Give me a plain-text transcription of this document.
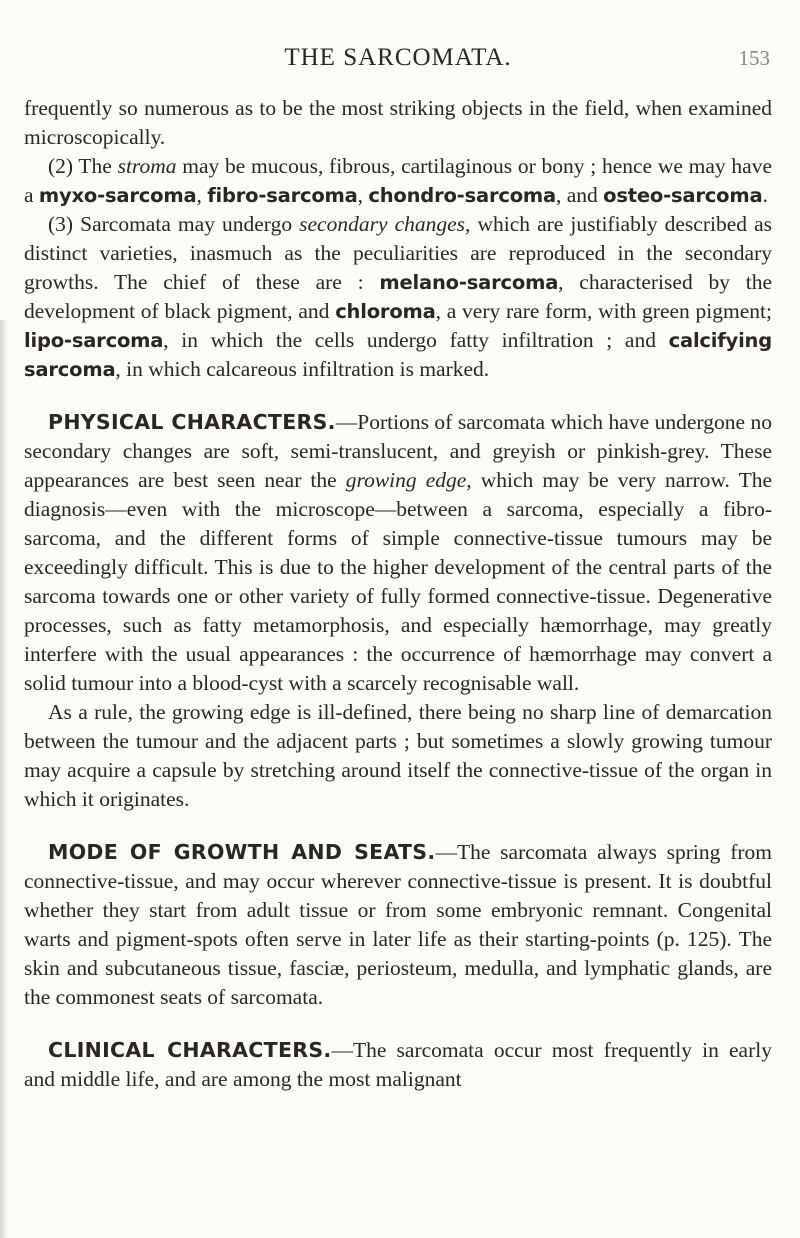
THE SARCOMATA.	153

frequently so numerous as to be the most striking objects in the field, when examined microscopically.

(2) The stroma may be mucous, fibrous, cartilaginous or bony ; hence we may have a myxo-sarcoma, fibro-sarcoma, chondro-sarcoma, and osteo-sarcoma.

(3) Sarcomata may undergo secondary changes, which are justifiably described as distinct varieties, inasmuch as the peculiarities are reproduced in the secondary growths. The chief of these are : melano-sarcoma, characterised by the development of black pigment, and chloroma, a very rare form, with green pigment; lipo-sarcoma, in which the cells undergo fatty infiltration ; and calcifying sarcoma, in which calcareous infiltration is marked.

PHYSICAL CHARACTERS.—Portions of sarcomata which have undergone no secondary changes are soft, semi-translucent, and greyish or pinkish-grey. These appearances are best seen near the growing edge, which may be very narrow. The diagnosis—even with the microscope—between a sarcoma, especially a fibro-sarcoma, and the different forms of simple connective-tissue tumours may be exceedingly difficult. This is due to the higher development of the central parts of the sarcoma towards one or other variety of fully formed connective-tissue. Degenerative processes, such as fatty metamorphosis, and especially hæmorrhage, may greatly interfere with the usual appearances : the occurrence of hæmorrhage may convert a solid tumour into a blood-cyst with a scarcely recognisable wall.

As a rule, the growing edge is ill-defined, there being no sharp line of demarcation between the tumour and the adjacent parts ; but sometimes a slowly growing tumour may acquire a capsule by stretching around itself the connective-tissue of the organ in which it originates.

MODE OF GROWTH AND SEATS.—The sarcomata always spring from connective-tissue, and may occur wherever connective-tissue is present. It is doubtful whether they start from adult tissue or from some embryonic remnant. Congenital warts and pigment-spots often serve in later life as their starting-points (p. 125). The skin and subcutaneous tissue, fasciæ, periosteum, medulla, and lymphatic glands, are the commonest seats of sarcomata.

CLINICAL CHARACTERS.—The sarcomata occur most frequently in early and middle life, and are among the most malignant
